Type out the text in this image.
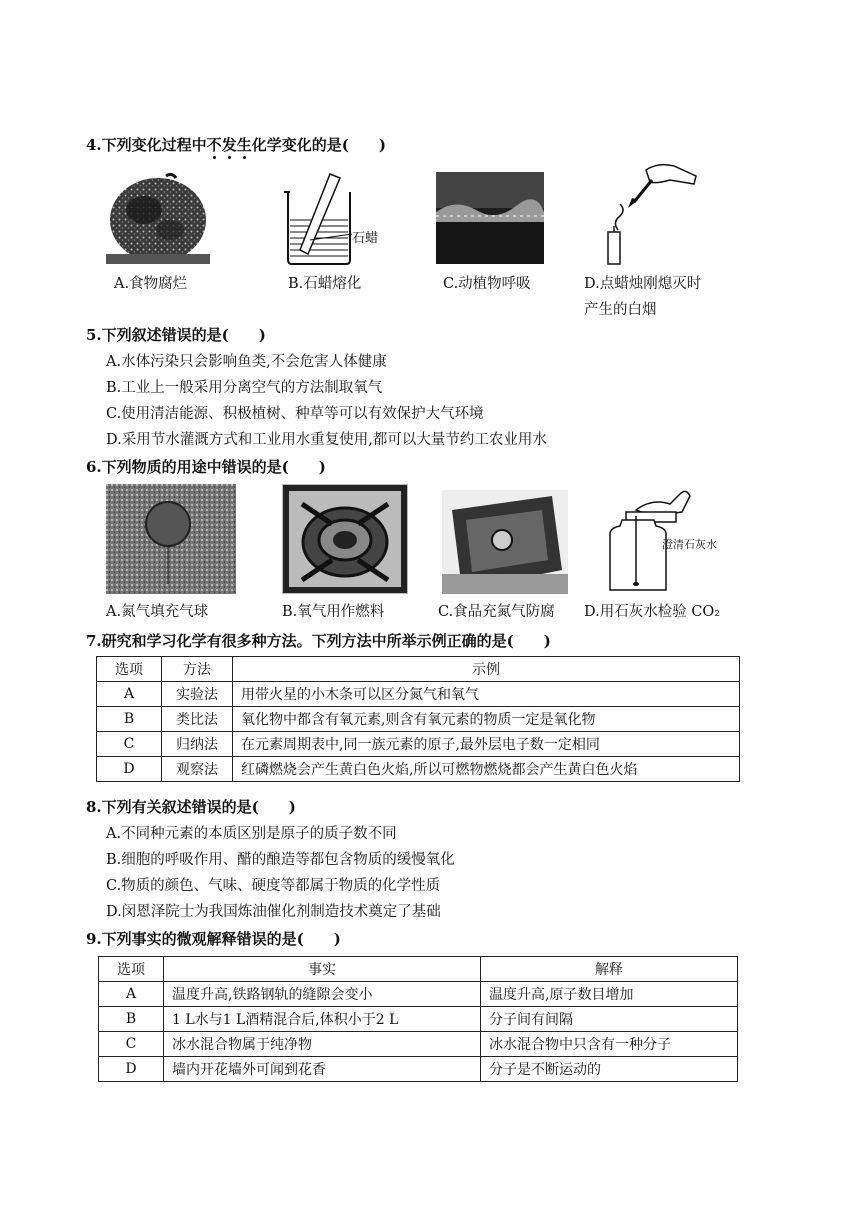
4.下列变化过程中不发生化学变化的是(　　)
A.食物腐烂
石蜡
B.石蜡熔化	C.动植物呼吸	D.点蜡烛刚熄灭时
产生的白烟
5.下列叙述错误的是(　　)
A.水体污染只会影响鱼类,不会危害人体健康
B.工业上一般采用分离空气的方法制取氧气
C.使用清洁能源、积极植树、种草等可以有效保护大气环境
D.采用节水灌溉方式和工业用水重复使用,都可以大量节约工农业用水
6.下列物质的用途中错误的是(　　)
A.氮气填充气球	B.氧气用作燃料	C.食品充氮气防腐
澄清石灰水
D.用石灰水检验 CO₂
7.研究和学习化学有很多种方法。下列方法中所举示例正确的是(　　)
选项	方法	示例
A	实验法	用带火星的小木条可以区分氮气和氧气
B	类比法	氧化物中都含有氧元素,则含有氧元素的物质一定是氧化物
C	归纳法	在元素周期表中,同一族元素的原子,最外层电子数一定相同
D	观察法	红磷燃烧会产生黄白色火焰,所以可燃物燃烧都会产生黄白色火焰
8.下列有关叙述错误的是(　　)
A.不同种元素的本质区别是原子的质子数不同
B.细胞的呼吸作用、醋的酿造等都包含物质的缓慢氧化
C.物质的颜色、气味、硬度等都属于物质的化学性质
D.闵恩泽院士为我国炼油催化剂制造技术奠定了基础
9.下列事实的微观解释错误的是(　　)
选项	事实	解释
A	温度升高,铁路钢轨的缝隙会变小	温度升高,原子数目增加
B	1 L水与1 L酒精混合后,体积小于2 L	分子间有间隔
C	冰水混合物属于纯净物	冰水混合物中只含有一种分子
D	墙内开花墙外可闻到花香	分子是不断运动的
